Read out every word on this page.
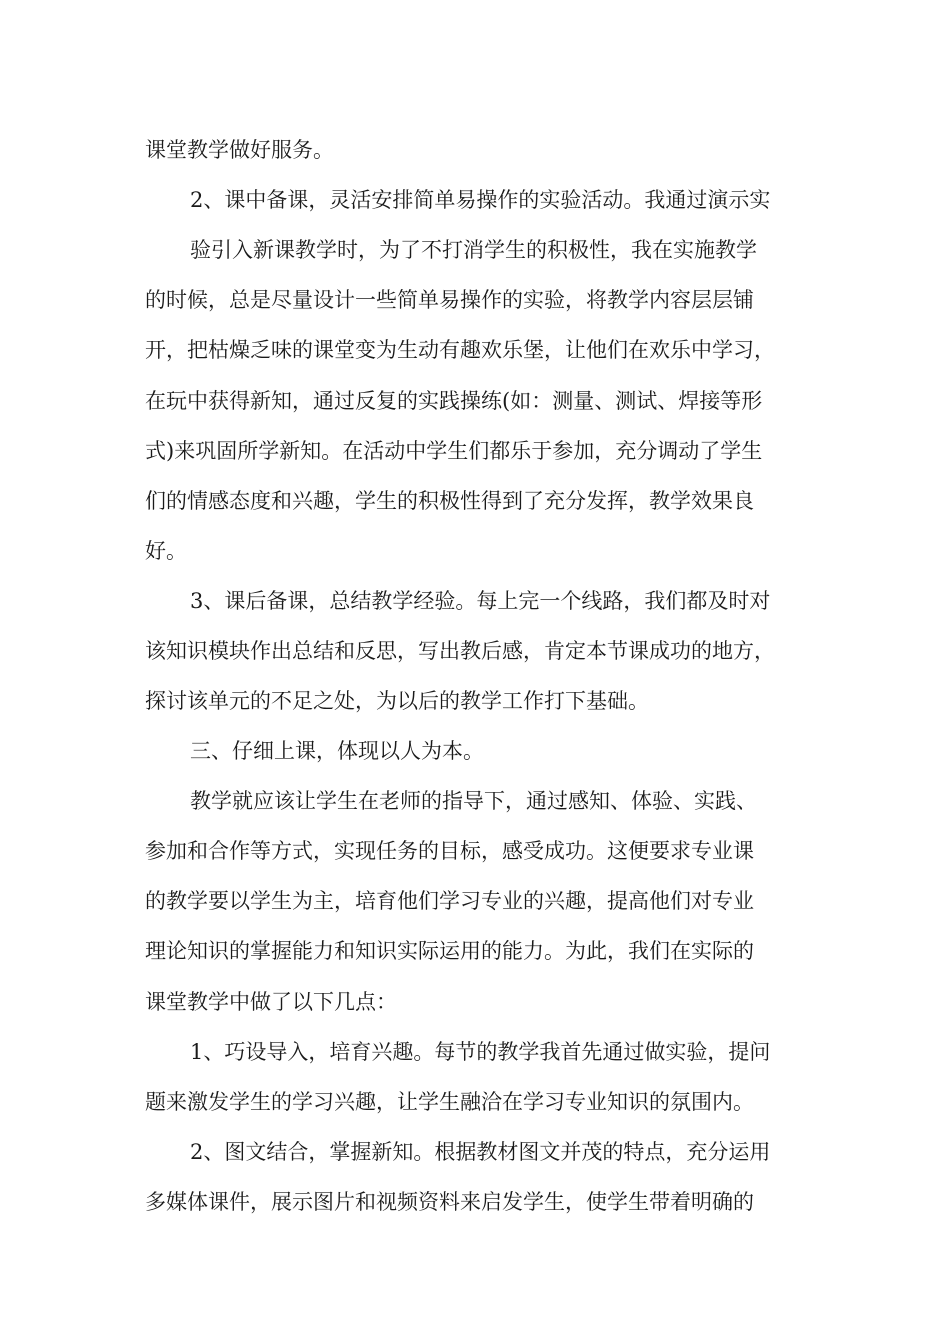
课堂教学做好服务。

2、课中备课，灵活安排简单易操作的实验活动。我通过演示实

验引入新课教学时，为了不打消学生的积极性，我在实施教学

的时候，总是尽量设计一些简单易操作的实验，将教学内容层层铺

开，把枯燥乏味的课堂变为生动有趣欢乐堡，让他们在欢乐中学习，

在玩中获得新知，通过反复的实践操练(如：测量、测试、焊接等形

式)来巩固所学新知。在活动中学生们都乐于参加，充分调动了学生

们的情感态度和兴趣，学生的积极性得到了充分发挥，教学效果良

好。

3、课后备课，总结教学经验。每上完一个线路，我们都及时对

该知识模块作出总结和反思，写出教后感，肯定本节课成功的地方，

探讨该单元的不足之处，为以后的教学工作打下基础。

三、仔细上课，体现以人为本。

教学就应该让学生在老师的指导下，通过感知、体验、实践、

参加和合作等方式，实现任务的目标，感受成功。这便要求专业课

的教学要以学生为主，培育他们学习专业的兴趣，提高他们对专业

理论知识的掌握能力和知识实际运用的能力。为此，我们在实际的

课堂教学中做了以下几点：

1、巧设导入，培育兴趣。每节的教学我首先通过做实验，提问

题来激发学生的学习兴趣，让学生融洽在学习专业知识的氛围内。

2、图文结合，掌握新知。根据教材图文并茂的特点，充分运用

多媒体课件，展示图片和视频资料来启发学生，使学生带着明确的
